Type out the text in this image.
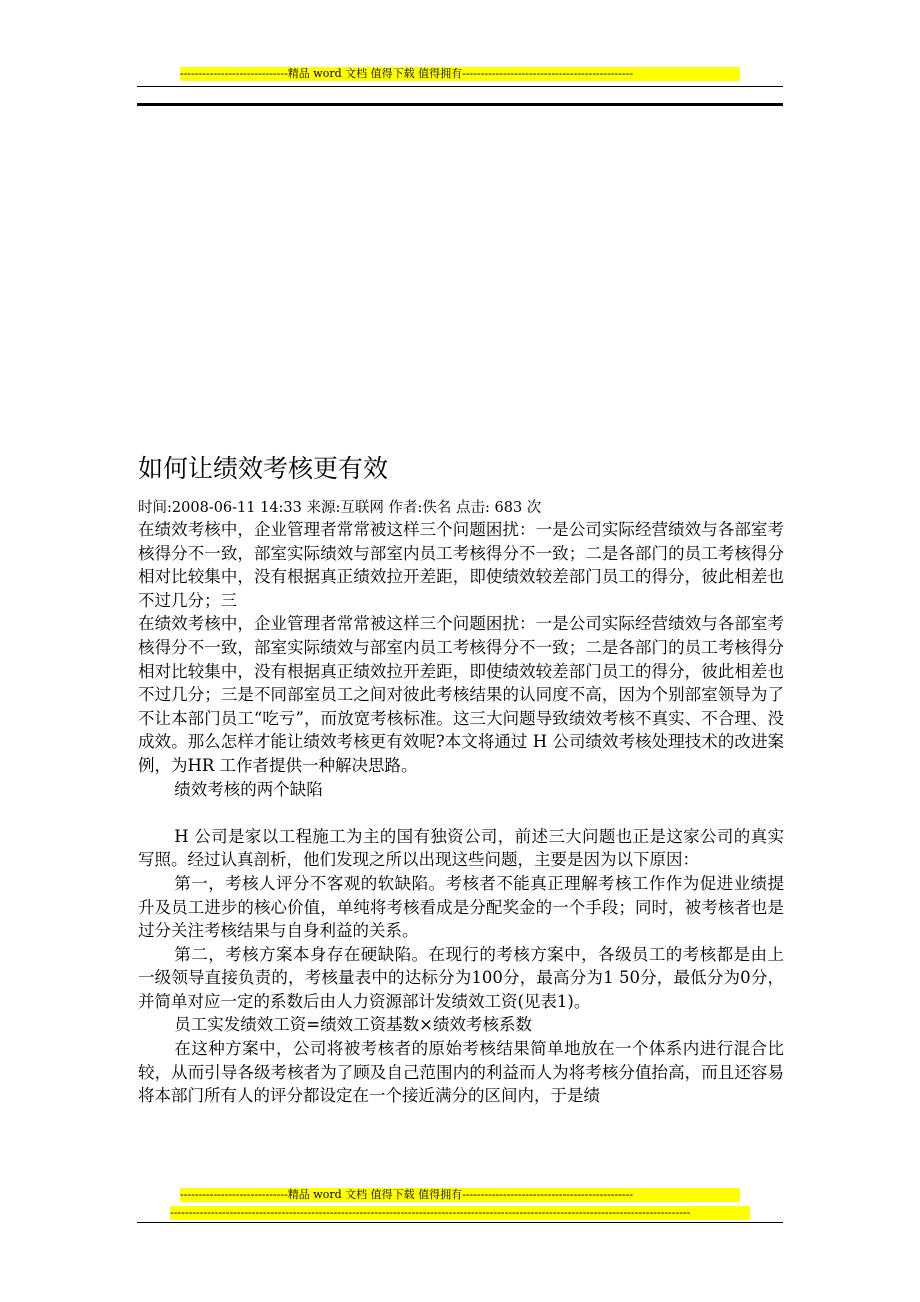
-----------------------------精品 word 文档 值得下载 值得拥有----------------------------------------------
如何让绩效考核更有效
时间:2008-06-11 14:33 来源:互联网 作者:佚名 点击: 683 次

在绩效考核中，企业管理者常常被这样三个问题困扰：一是公司实际经营绩效与各部室考核得分不一致，部室实际绩效与部室内员工考核得分不一致；二是各部门的员工考核得分相对比较集中，没有根据真正绩效拉开差距，即使绩效较差部门员工的得分，彼此相差也不过几分；三

在绩效考核中，企业管理者常常被这样三个问题困扰：一是公司实际经营绩效与各部室考核得分不一致，部室实际绩效与部室内员工考核得分不一致；二是各部门的员工考核得分相对比较集中，没有根据真正绩效拉开差距，即使绩效较差部门员工的得分，彼此相差也不过几分；三是不同部室员工之间对彼此考核结果的认同度不高，因为个别部室领导为了不让本部门员工“吃亏”，而放宽考核标准。这三大问题导致绩效考核不真实、不合理、没成效。那么怎样才能让绩效考核更有效呢?本文将通过 H 公司绩效考核处理技术的改进案例，为HR 工作者提供一种解决思路。

绩效考核的两个缺陷

H 公司是家以工程施工为主的国有独资公司，前述三大问题也正是这家公司的真实写照。经过认真剖析，他们发现之所以出现这些问题，主要是因为以下原因：

第一，考核人评分不客观的软缺陷。考核者不能真正理解考核工作作为促进业绩提升及员工进步的核心价值，单纯将考核看成是分配奖金的一个手段；同时，被考核者也是过分关注考核结果与自身利益的关系。

第二，考核方案本身存在硬缺陷。在现行的考核方案中，各级员工的考核都是由上一级领导直接负责的，考核量表中的达标分为100分，最高分为1 50分，最低分为0分，并简单对应一定的系数后由人力资源部计发绩效工资(见表1)。

员工实发绩效工资=绩效工资基数×绩效考核系数

在这种方案中，公司将被考核者的原始考核结果简单地放在一个体系内进行混合比较，从而引导各级考核者为了顾及自己范围内的利益而人为将考核分值抬高，而且还容易将本部门所有人的评分都设定在一个接近满分的区间内，于是绩

-----------------------------精品 word 文档 值得下载 值得拥有----------------------------------------------
--------------------------------------------------------------------------------------------------------------------------------------------
